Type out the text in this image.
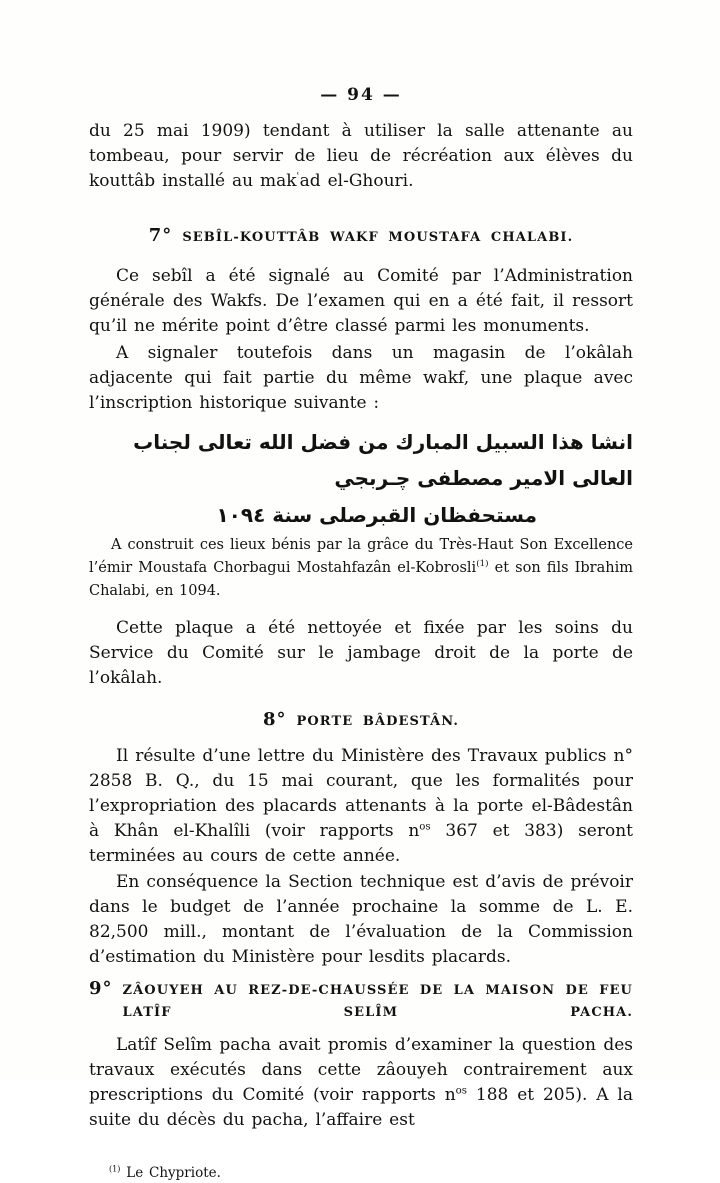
— 94 —

du 25 mai 1909) tendant à utiliser la salle attenante au tombeau, pour servir de lieu de récréation aux élèves du kouttâb installé au mak$^ʿ$ad el-Ghouri.

7° SEBÎL-KOUTTÂB WAKF MOUSTAFA CHALABI.

Ce sebîl a été signalé au Comité par l’Administration générale des Wakfs. De l’examen qui en a été fait, il ressort qu’il ne mérite point d’être classé parmi les monuments.

A signaler toutefois dans un magasin de l’okâlah adjacente qui fait partie du même wakf, une plaque avec l’inscription historique suivante :

انشا هذا السبيل المبارك من فضل الله تعالى لجناب العالى الامير مصطفى چـربجي

مستحفظان القبرصلى سنة ١٠٩٤

A construit ces lieux bénis par la grâce du Très-Haut Son Excellence l’émir Moustafa Chorbagui Mostahfazân el-Kobrosli$^{(1)}$ et son fils Ibrahim Chalabi, en 1094.

Cette plaque a été nettoyée et fixée par les soins du Service du Comité sur le jambage droit de la porte de l’okâlah.

8° PORTE BÂDESTÂN.

Il résulte d’une lettre du Ministère des Travaux publics n° 2858 B. Q., du 15 mai courant, que les formalités pour l’expropriation des placards attenants à la porte el-Bâdestân à Khân el-Khalîli (voir rapports $n^{os}$ 367 et 383) seront terminées au cours de cette année.

En conséquence la Section technique est d’avis de prévoir dans le budget de l’année prochaine la somme de L. E. 82,500 mill., montant de l’évaluation de la Commission d’estimation du Ministère pour lesdits placards.

9° ZÂOUYEH AU REZ-DE-CHAUSSÉE DE LA MAISON DE FEU LATÎF SELÎM PACHA.

Latîf Selîm pacha avait promis d’examiner la question des travaux exécutés dans cette zâouyeh contrairement aux prescriptions du Comité (voir rapports $n^{os}$ 188 et 205). A la suite du décès du pacha, l’affaire est

$^{(1)}$ Le Chypriote.
